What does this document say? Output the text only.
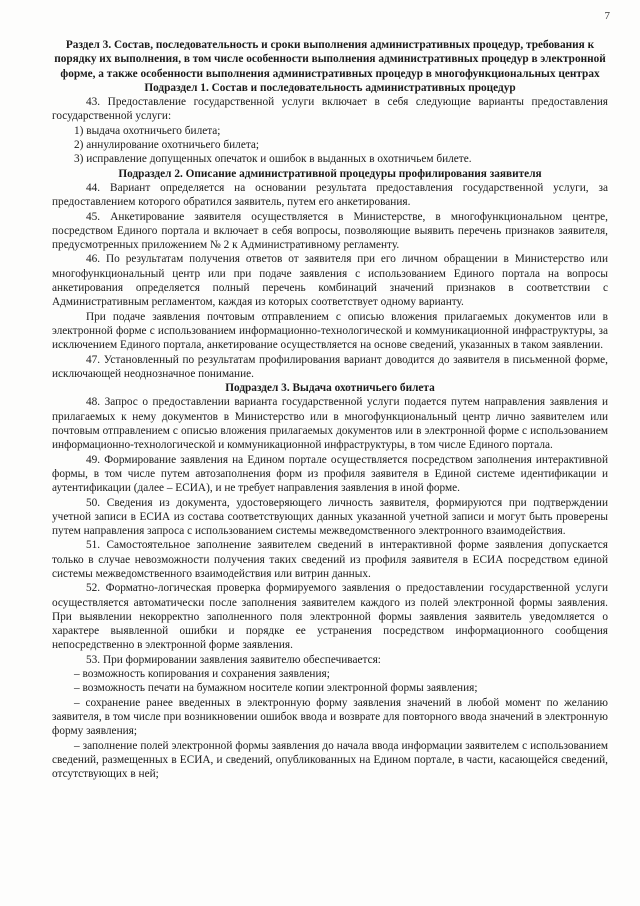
7

Раздел 3. Состав, последовательность и сроки выполнения административных процедур, требования к порядку их выполнения, в том числе особенности выполнения административных процедур в электронной форме, а также особенности выполнения административных процедур в многофункциональных центрах

Подраздел 1. Состав и последовательность административных процедур

43. Предоставление государственной услуги включает в себя следующие варианты предоставления государственной услуги:

1) выдача охотничьего билета;

2) аннулирование охотничьего билета;

3) исправление допущенных опечаток и ошибок в выданных в охотничьем билете.

Подраздел 2. Описание административной процедуры профилирования заявителя

44. Вариант определяется на основании результата предоставления государственной услуги, за предоставлением которого обратился заявитель, путем его анкетирования.

45. Анкетирование заявителя осуществляется в Министерстве, в многофункциональном центре, посредством Единого портала и включает в себя вопросы, позволяющие выявить перечень признаков заявителя, предусмотренных приложением № 2 к Административному регламенту.

46. По результатам получения ответов от заявителя при его личном обращении в Министерство или многофункциональный центр или при подаче заявления с использованием Единого портала на вопросы анкетирования определяется полный перечень комбинаций значений признаков в соответствии с Административным регламентом, каждая из которых соответствует одному варианту.

При подаче заявления почтовым отправлением с описью вложения прилагаемых документов или в электронной форме с использованием информационно-технологической и коммуникационной инфраструктуры, за исключением Единого портала, анкетирование осуществляется на основе сведений, указанных в таком заявлении.

47. Установленный по результатам профилирования вариант доводится до заявителя в письменной форме, исключающей неоднозначное понимание.

Подраздел 3. Выдача охотничьего билета

48. Запрос о предоставлении варианта государственной услуги подается путем направления заявления и прилагаемых к нему документов в Министерство или в многофункциональный центр лично заявителем или почтовым отправлением с описью вложения прилагаемых документов или в электронной форме с использованием информационно-технологической и коммуникационной инфраструктуры, в том числе Единого портала.

49. Формирование заявления на Едином портале осуществляется посредством заполнения интерактивной формы, в том числе путем автозаполнения форм из профиля заявителя в Единой системе идентификации и аутентификации (далее – ЕСИА), и не требует направления заявления в иной форме.

50. Сведения из документа, удостоверяющего личность заявителя, формируются при подтверждении учетной записи в ЕСИА из состава соответствующих данных указанной учетной записи и могут быть проверены путем направления запроса с использованием системы межведомственного электронного взаимодействия.

51. Самостоятельное заполнение заявителем сведений в интерактивной форме заявления допускается только в случае невозможности получения таких сведений из профиля заявителя в ЕСИА посредством единой системы межведомственного взаимодействия или витрин данных.

52. Форматно-логическая проверка формируемого заявления о предоставлении государственной услуги осуществляется автоматически после заполнения заявителем каждого из полей электронной формы заявления. При выявлении некорректно заполненного поля электронной формы заявления заявитель уведомляется о характере выявленной ошибки и порядке ее устранения посредством информационного сообщения непосредственно в электронной форме заявления.

53. При формировании заявления заявителю обеспечивается:

– возможность копирования и сохранения заявления;

– возможность печати на бумажном носителе копии электронной формы заявления;

– сохранение ранее введенных в электронную форму заявления значений в любой момент по желанию заявителя, в том числе при возникновении ошибок ввода и возврате для повторного ввода значений в электронную форму заявления;

– заполнение полей электронной формы заявления до начала ввода информации заявителем с использованием сведений, размещенных в ЕСИА, и сведений, опубликованных на Едином портале, в части, касающейся сведений, отсутствующих в ней;
